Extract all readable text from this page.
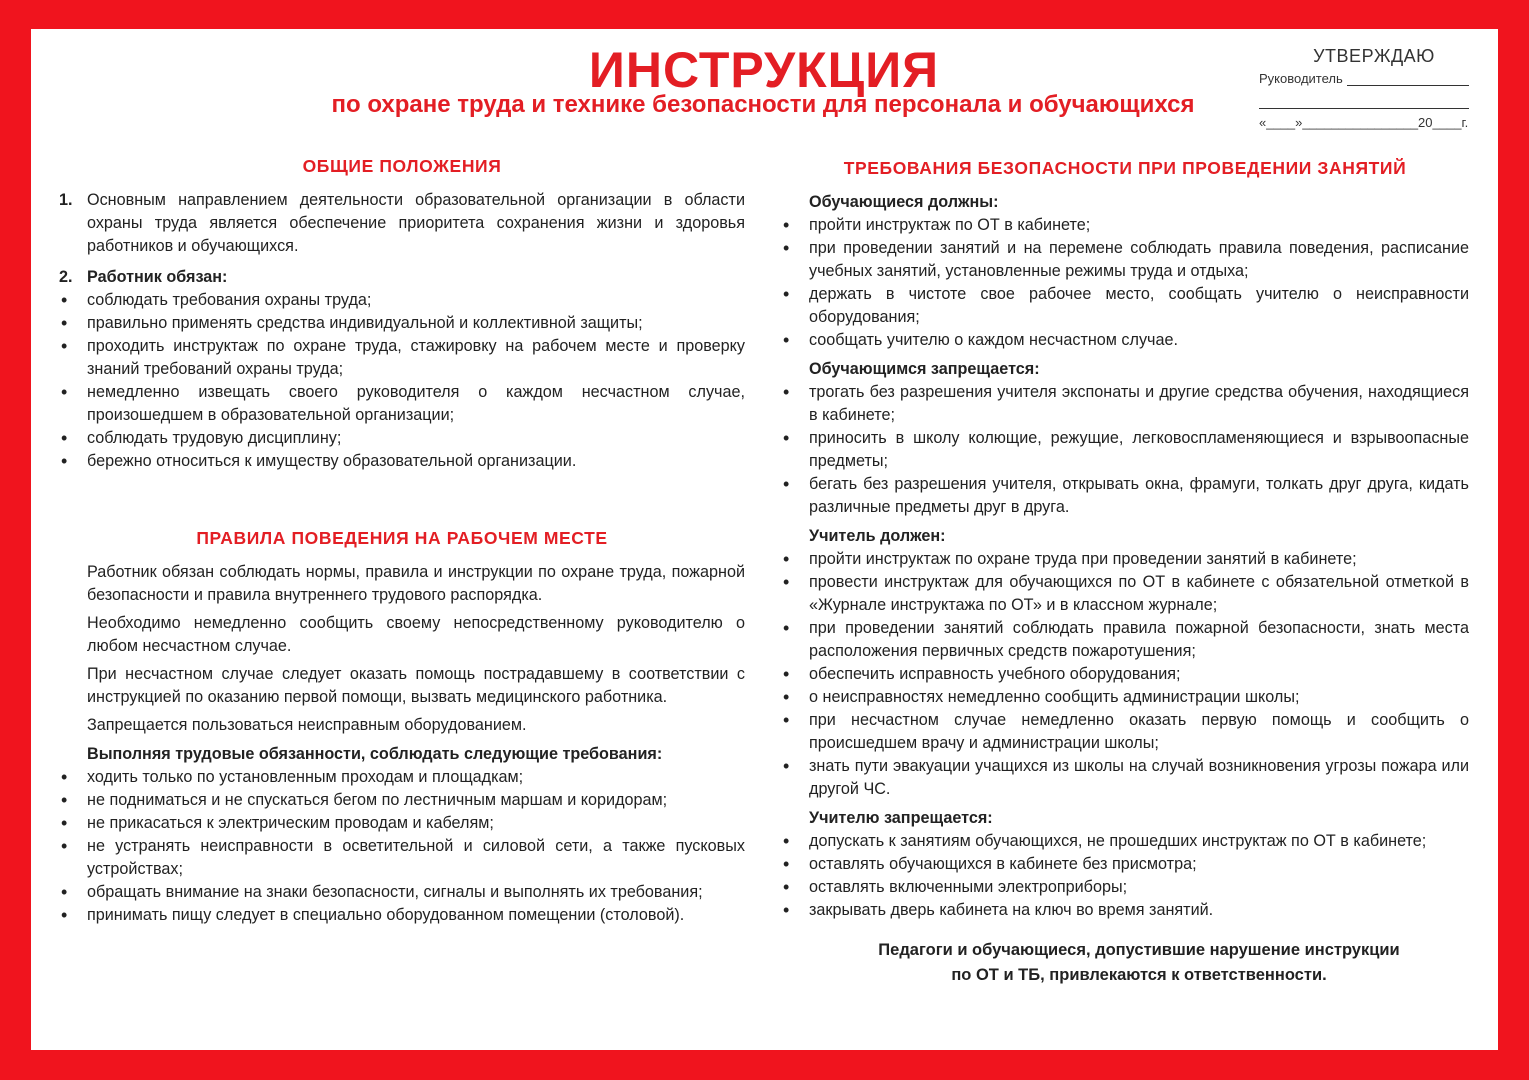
ИНСТРУКЦИЯ
по охране труда и технике безопасности для персонала и обучающихся
УТВЕРЖДАЮ
Руководитель
«____»________________20____г.
ОБЩИЕ ПОЛОЖЕНИЯ
1. Основным направлением деятельности образовательной организации в области охраны труда является обеспечение приоритета сохранения жизни и здоровья работников и обучающихся.
2. Работник обязан:
• соблюдать требования охраны труда;
• правильно применять средства индивидуальной и коллективной защиты;
• проходить инструктаж по охране труда, стажировку на рабочем месте и проверку знаний требований охраны труда;
• немедленно извещать своего руководителя о каждом несчастном случае, произошедшем в образовательной организации;
• соблюдать трудовую дисциплину;
• бережно относиться к имуществу образовательной организации.
ПРАВИЛА ПОВЕДЕНИЯ НА РАБОЧЕМ МЕСТЕ
Работник обязан соблюдать нормы, правила и инструкции по охране труда, пожарной безопасности и правила внутреннего трудового распорядка.
Необходимо немедленно сообщить своему непосредственному руководителю о любом несчастном случае.
При несчастном случае следует оказать помощь пострадавшему в соответствии с инструкцией по оказанию первой помощи, вызвать медицинского работника.
Запрещается пользоваться неисправным оборудованием.
Выполняя трудовые обязанности, соблюдать следующие требования:
• ходить только по установленным проходам и площадкам;
• не подниматься и не спускаться бегом по лестничным маршам и коридорам;
• не прикасаться к электрическим проводам и кабелям;
• не устранять неисправности в осветительной и силовой сети, а также пусковых устройствах;
• обращать внимание на знаки безопасности, сигналы и выполнять их требования;
• принимать пищу следует в специально оборудованном помещении (столовой).
ТРЕБОВАНИЯ БЕЗОПАСНОСТИ ПРИ ПРОВЕДЕНИИ ЗАНЯТИЙ
Обучающиеся должны:
• пройти инструктаж по ОТ в кабинете;
• при проведении занятий и на перемене соблюдать правила поведения, расписание учебных занятий, установленные режимы труда и отдыха;
• держать в чистоте свое рабочее место, сообщать учителю о неисправности оборудования;
• сообщать учителю о каждом несчастном случае.
Обучающимся запрещается:
• трогать без разрешения учителя экспонаты и другие средства обучения, находящиеся в кабинете;
• приносить в школу колющие, режущие, легковоспламеняющиеся и взрывоопасные предметы;
• бегать без разрешения учителя, открывать окна, фрамуги, толкать друг друга, кидать различные предметы друг в друга.
Учитель должен:
• пройти инструктаж по охране труда при проведении занятий в кабинете;
• провести инструктаж для обучающихся по ОТ в кабинете с обязательной отметкой в «Журнале инструктажа по ОТ» и в классном журнале;
• при проведении занятий соблюдать правила пожарной безопасности, знать места расположения первичных средств пожаротушения;
• обеспечить исправность учебного оборудования;
• о неисправностях немедленно сообщить администрации школы;
• при несчастном случае немедленно оказать первую помощь и сообщить о происшедшем врачу и администрации школы;
• знать пути эвакуации учащихся из школы на случай возникновения угрозы пожара или другой ЧС.
Учителю запрещается:
• допускать к занятиям обучающихся, не прошедших инструктаж по ОТ в кабинете;
• оставлять обучающихся в кабинете без присмотра;
• оставлять включенными электроприборы;
• закрывать дверь кабинета на ключ во время занятий.
Педагоги и обучающиеся, допустившие нарушение инструкции
по ОТ и ТБ, привлекаются к ответственности.
